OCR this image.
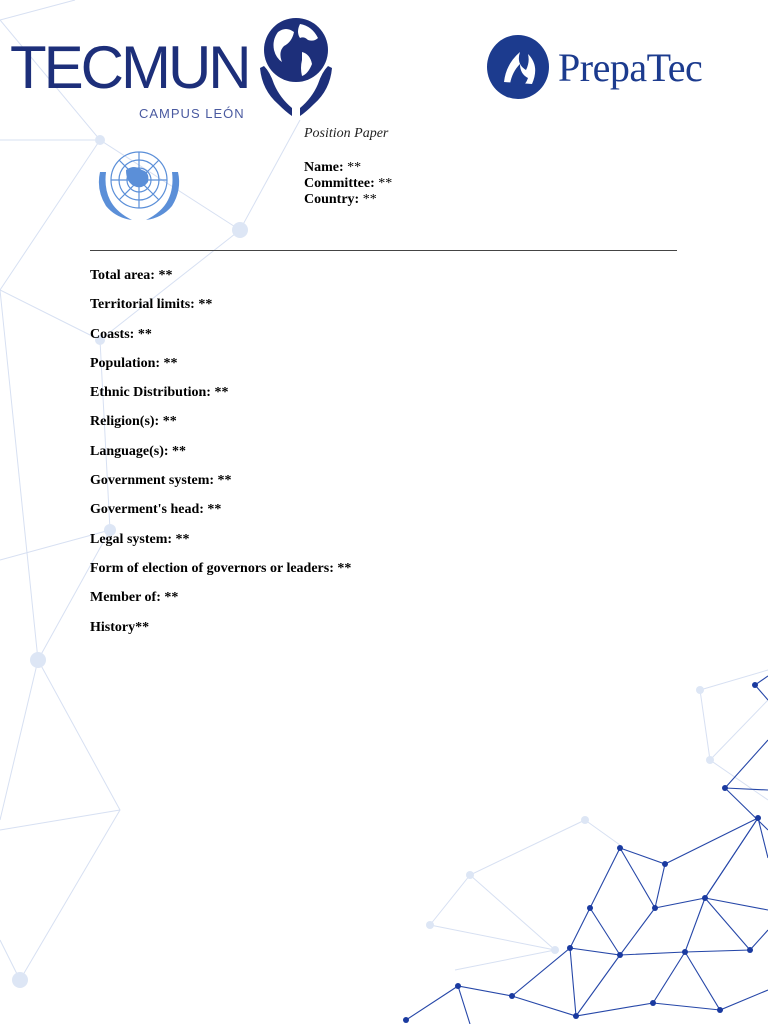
TECMUN
CAMPUS LEÓN
PrepaTec
Position Paper
Name: **
Committee: **
Country: **
Total area: **
Territorial limits: **
Coasts: **
Population: **
Ethnic Distribution: **
Religion(s): **
Language(s): **
Government system: **
Goverment's head: **
Legal system: **
Form of election of governors or leaders: **
Member of: **
History**
